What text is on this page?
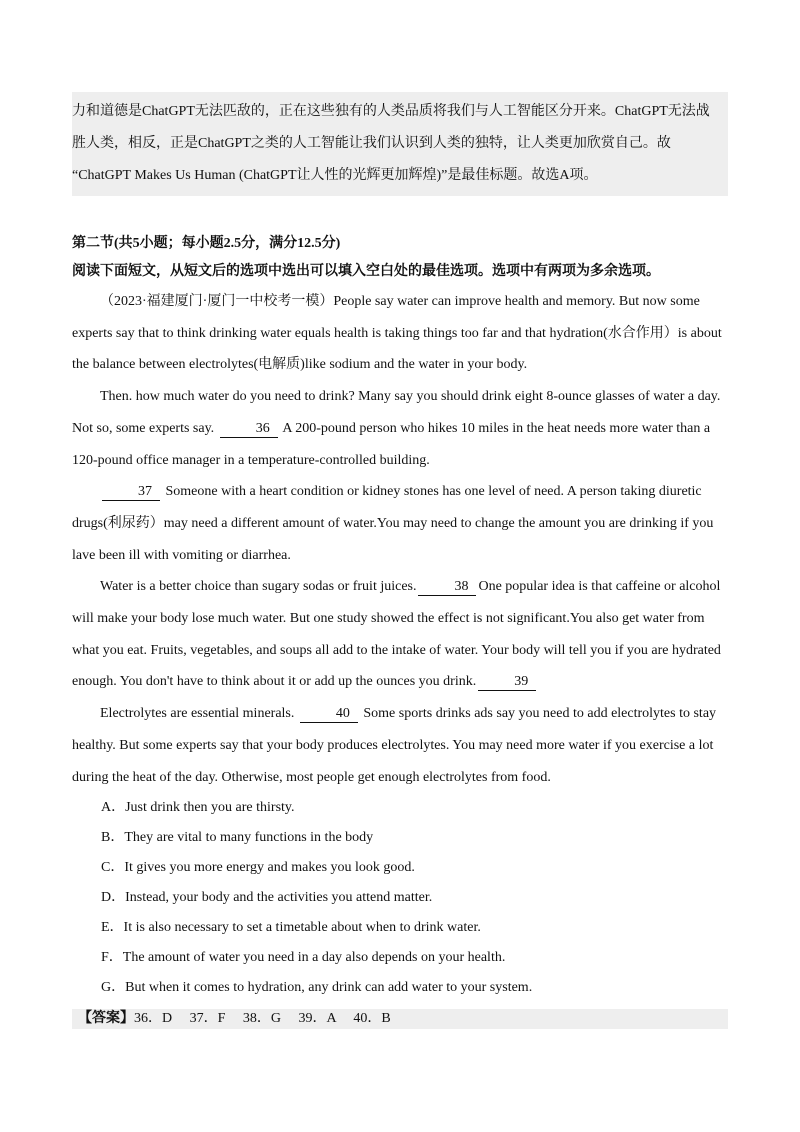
力和道德是ChatGPT无法匹敌的，正在这些独有的人类品质将我们与人工智能区分开来。ChatGPT无法战

胜人类，相反，正是ChatGPT之类的人工智能让我们认识到人类的独特，让人类更加欣赏自己。故

“ChatGPT Makes Us Human (ChatGPT让人性的光辉更加辉煌)”是最佳标题。故选A项。

第二节(共5小题；每小题2.5分，满分12.5分)

阅读下面短文，从短文后的选项中选出可以填入空白处的最佳选项。选项中有两项为多余选项。

（2023·福建厦门·厦门一中校考一模）People say water can improve health and memory. But now some experts say that to think drinking water equals health is taking things too far and that hydration(水合作用）is about the balance between electrolytes(电解质)like sodium and the water in your body.

Then. how much water do you need to drink? Many say you should drink eight 8-ounce glasses of water a day. Not so, some experts say.	36 A 200-pound person who hikes 10 miles in the heat needs more water than a 120-pound office manager in a temperature-controlled building.

37 Someone with a heart condition or kidney stones has one level of need. A person taking diuretic drugs(利尿药）may need a different amount of water.You may need to change the amount you are drinking if you lave been ill with vomiting or diarrhea.

Water is a better choice than sugary sodas or fruit juices.	38 One popular idea is that caffeine or alcohol will make your body lose much water. But one study showed the effect is not significant.You also get water from what you eat. Fruits, vegetables, and soups all add to the intake of water. Your body will tell you if you are hydrated enough. You don't have to think about it or add up the ounces you drink.	39

Electrolytes are essential minerals.	40 Some sports drinks ads say you need to add electrolytes to stay healthy. But some experts say that your body produces electrolytes. You may need more water if you exercise a lot during the heat of the day. Otherwise, most people get enough electrolytes from food.

A．Just drink then you are thirsty.
B．They are vital to many functions in the body
C．It gives you more energy and makes you look good.
D．Instead, your body and the activities you attend matter.
E．It is also necessary to set a timetable about when to drink water.
F．The amount of water you need in a day also depends on your health.
G．But when it comes to hydration, any drink can add water to your system.
【答案】36．D　 37．F　 38．G　 39．A　 40．B
